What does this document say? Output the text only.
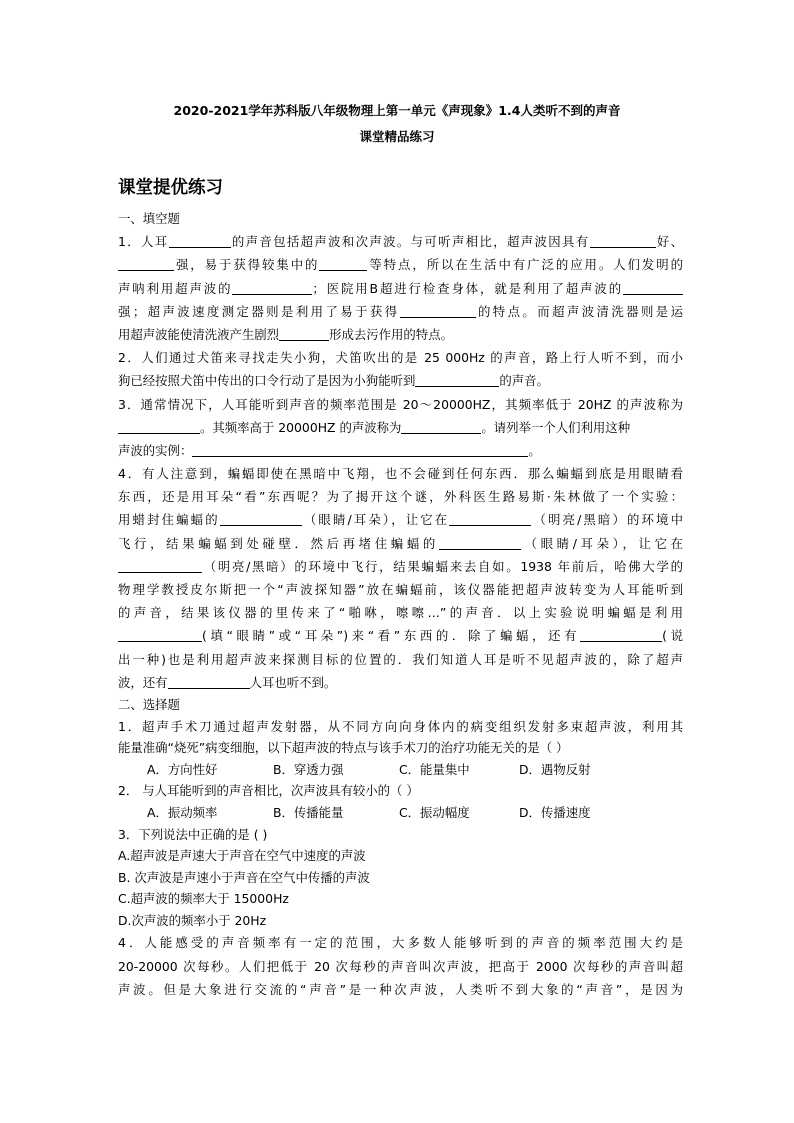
2020-2021学年苏科版八年级物理上第一单元《声现象》1.4人类听不到的声音
课堂精品练习
课堂提优练习
一、填空题
1．人耳	的声音包括超声波和次声波。与可听声相比，超声波因具有	好、
强，易于获得较集中的	等特点，所以在生活中有广泛的应用。人们发明的
声呐利用超声波的	；医院用B超进行检查身体，就是利用了超声波的
强；超声波速度测定器则是利用了易于获得	的特点。而超声波清洗器则是运
用超声波能使清洗液产生剧烈	形成去污作用的特点。
2．人们通过犬笛来寻找走失小狗，犬笛吹出的是 25 000Hz 的声音，路上行人听不到，而小
狗已经按照犬笛中传出的口令行动了是因为小狗能听到	的声音。
3．通常情况下，人耳能听到声音的频率范围是 20～20000HZ，其频率低于 20HZ 的声波称为
。其频率高于 20000HZ 的声波称为	。请列举一个人们利用这种
声波的实例：	。
4．有人注意到，蝙蝠即使在黑暗中飞翔，也不会碰到任何东西．那么蝙蝠到底是用眼睛看
东西，还是用耳朵“看”东西呢？为了揭开这个谜，外科医生路易斯·朱林做了一个实验：
用蜡封住蝙蝠的	（眼睛/耳朵），让它在	（明亮/黑暗）的环境中
飞行，结果蝙蝠到处碰壁．然后再堵住蝙蝠的	（眼睛/耳朵），让它在
（明亮/黑暗）的环境中飞行，结果蝙蝠来去自如。1938 年前后，哈佛大学的
物理学教授皮尔斯把一个“声波探知器”放在蝙蝠前，该仪器能把超声波转变为人耳能听到
的声音，结果该仪器的里传来了“啪咻，嚓嚓…”的声音．以上实验说明蝙蝠是利用
(填“眼睛”或“耳朵”)来“看”东西的．除了蝙蝠，还有	(说
出一种)也是利用超声波来探测目标的位置的．我们知道人耳是听不见超声波的，除了超声
波，还有	人耳也听不到。
二、选择题
1．超声手术刀通过超声发射器，从不同方向向身体内的病变组织发射多束超声波，利用其
能量准确“烧死”病变细胞，以下超声波的特点与该手术刀的治疗功能无关的是（ ）
A．方向性好	B．穿透力强	C．能量集中	D．遇物反射
2． 与人耳能听到的声音相比，次声波具有较小的（ ）
A．振动频率	B．传播能量	C．振动幅度	D．传播速度
3．下列说法中正确的是 ( )
A.超声波是声速大于声音在空气中速度的声波
B. 次声波是声速小于声音在空气中传播的声波
C.超声波的频率大于 15000Hz
D.次声波的频率小于 20Hz
4．人能感受的声音频率有一定的范围，大多数人能够听到的声音的频率范围大约是
20-20000 次每秒。人们把低于 20 次每秒的声音叫次声波，把高于 2000 次每秒的声音叫超
声波。但是大象进行交流的“声音”是一种次声波，人类听不到大象的“声音”，是因为
